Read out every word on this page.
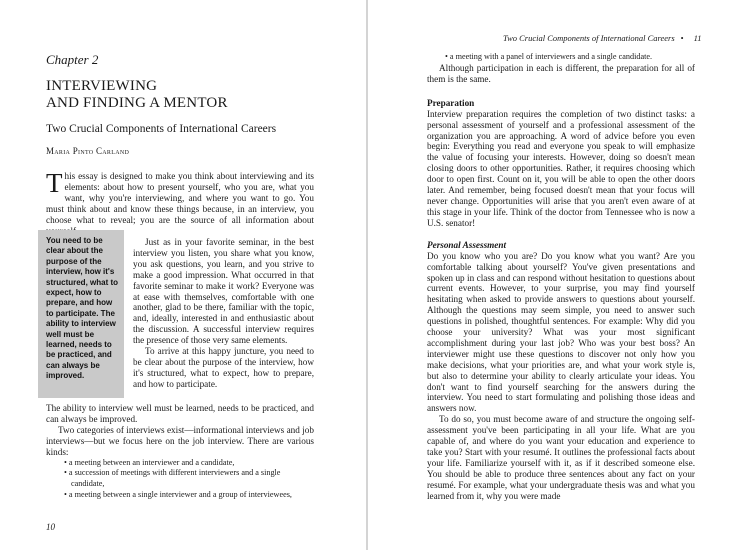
Chapter 2
INTERVIEWING
AND FINDING A MENTOR
Two Crucial Components of International Careers
Maria Pinto Carland

This essay is designed to make you think about interviewing and its elements: about how to present yourself, who you are, what you want, why you're interviewing, and where you want to go. You must think about and know these things because, in an interview, you choose what to reveal; you are the source of all information about

You need to be clear about the purpose of the interview, how it's structured, what to expect, how to prepare, and how to participate. The ability to interview well must be learned, needs to be practiced, and can always be improved.

Just as in your favorite seminar, in the best interview you listen, you share what you know, you ask questions, you learn, and you strive to make a good impression. What occurred in that favorite seminar to make it work? Everyone was at ease with themselves, comfortable with one another, glad to be there, familiar with the topic, and, ideally, interested in and enthusiastic about the discussion. A successful interview requires the presence of those very same elements.

To arrive at this happy juncture, you need to be clear about the purpose of the interview, how it's structured, what to expect, how to prepare, and how to participate.

The ability to interview well must be learned, needs to be practiced, and can always be improved.

Two categories of interviews exist—informational interviews and job interviews—but we focus here on the job interview. There are various kinds:

• a meeting between an interviewer and a candidate,
• a succession of meetings with different interviewers and a single candidate,
• a meeting between a single interviewer and a group of interviewees,
10
Two Crucial Components of International Careers • 11
• a meeting with a panel of interviewers and a single candidate.

Although participation in each is different, the preparation for all of them is the same.

Preparation

Interview preparation requires the completion of two distinct tasks: a personal assessment of yourself and a professional assessment of the organization you are approaching. A word of advice before you even begin: Everything you read and everyone you speak to will emphasize the value of focusing your interests. However, doing so doesn't mean closing doors to other opportunities. Rather, it requires choosing which door to open first. Count on it, you will be able to open the other doors later. And remember, being focused doesn't mean that your focus will never change. Opportunities will arise that you aren't even aware of at this stage in your life. Think of the doctor from Tennessee who is now a U.S. senator!

Personal Assessment

Do you know who you are? Do you know what you want? Are you comfortable talking about yourself? You've given presentations and spoken up in class and can respond without hesitation to questions about current events. However, to your surprise, you may find yourself hesitating when asked to provide answers to questions about yourself. Although the questions may seem simple, you need to answer such questions in polished, thoughtful sentences. For example: Why did you choose your university? What was your most significant accomplishment during your last job? Who was your best boss? An interviewer might use these questions to discover not only how you make decisions, what your priorities are, and what your work style is, but also to determine your ability to clearly articulate your ideas. You don't want to find yourself searching for the answers during the interview. You need to start formulating and polishing those ideas and answers now.

To do so, you must become aware of and structure the ongoing self-assessment you've been participating in all your life. What are you capable of, and where do you want your education and experience to take you? Start with your resumé. It outlines the professional facts about your life. Familiarize yourself with it, as if it described someone else. You should be able to produce three sentences about any fact on your resumé. For example, what your undergraduate thesis was and what you learned from it, why you were made
